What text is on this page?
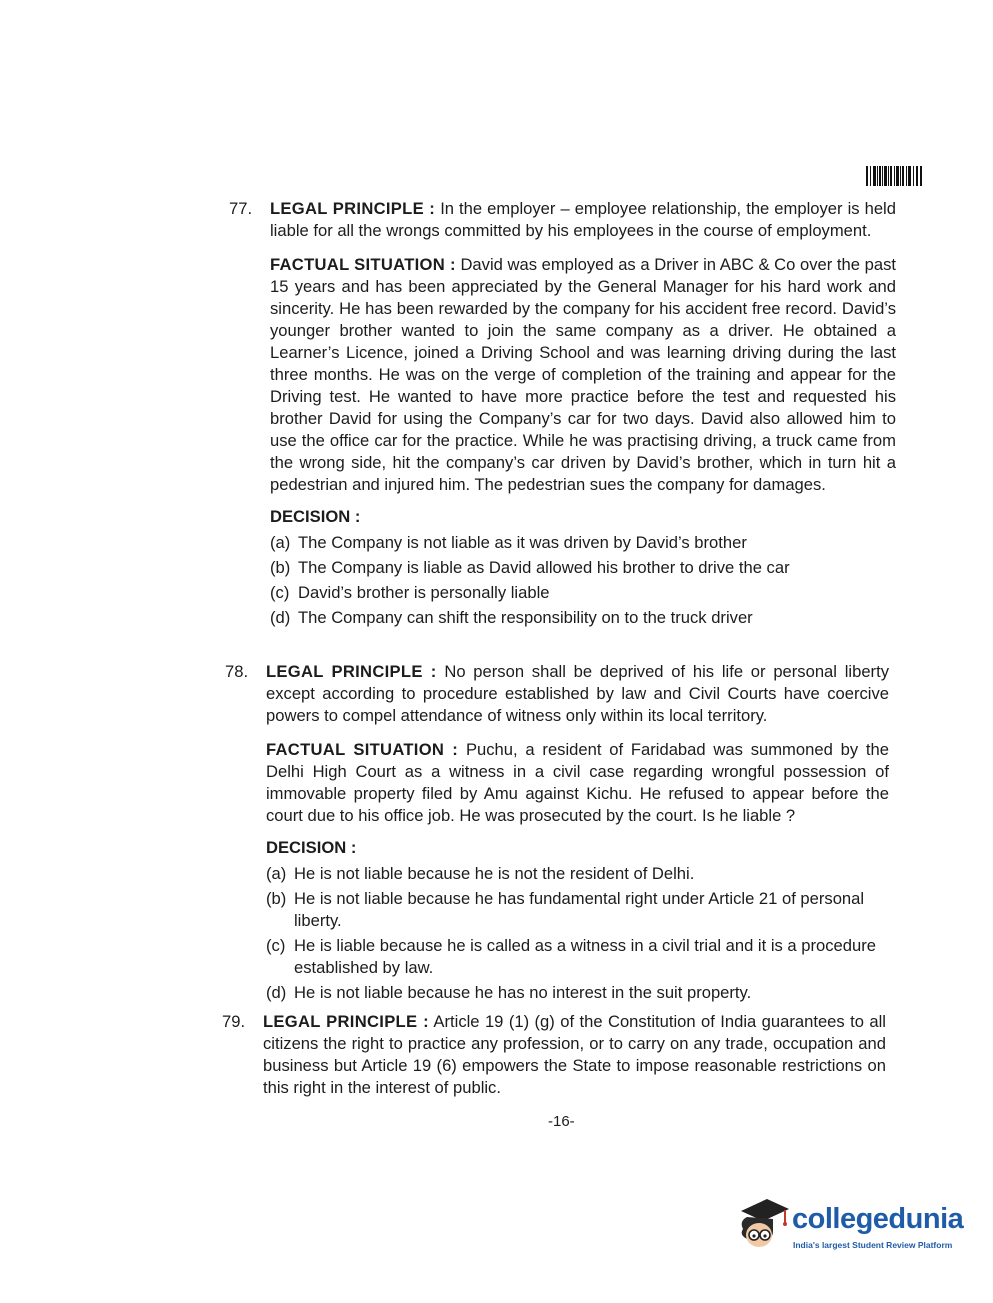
77.	LEGAL PRINCIPLE : In the employer – employee relationship, the employer is held liable for all the wrongs committed by his employees in the course of employment.

FACTUAL SITUATION : David was employed as a Driver in ABC & Co over the past 15 years and has been appreciated by the General Manager for his hard work and sincerity. He has been rewarded by the company for his accident free record. David’s younger brother wanted to join the same company as a driver. He obtained a Learner’s Licence, joined a Driving School and was learning driving during the last three months. He was on the verge of completion of the training and appear for the Driving test. He wanted to have more practice before the test and requested his brother David for using the Company’s car for two days. David also allowed him to use the office car for the practice. While he was practising driving, a truck came from the wrong side, hit the company’s car driven by David’s brother, which in turn hit a pedestrian and injured him. The pedestrian sues the company for damages.

DECISION :
(a) The Company is not liable as it was driven by David’s brother
(b) The Company is liable as David allowed his brother to drive the car
(c) David’s brother is personally liable
(d) The Company can shift the responsibility on to the truck driver
78.	LEGAL PRINCIPLE : No person shall be deprived of his life or personal liberty except according to procedure established by law and Civil Courts have coercive powers to compel attendance of witness only within its local territory.

FACTUAL SITUATION : Puchu, a resident of Faridabad was summoned by the Delhi High Court as a witness in a civil case regarding wrongful possession of immovable property filed by Amu against Kichu. He refused to appear before the court due to his office job. He was prosecuted by the court. Is he liable ?

DECISION :
(a) He is not liable because he is not the resident of Delhi.
(b) He is not liable because he has fundamental right under Article 21 of personal liberty.
(c) He is liable because he is called as a witness in a civil trial and it is a procedure established by law.
(d) He is not liable because he has no interest in the suit property.
79.	LEGAL PRINCIPLE : Article 19 (1) (g) of the Constitution of India guarantees to all citizens the right to practice any profession, or to carry on any trade, occupation and business but Article 19 (6) empowers the State to impose reasonable restrictions on this right in the interest of public.

-16-
collegedunia
India's largest Student Review Platform
